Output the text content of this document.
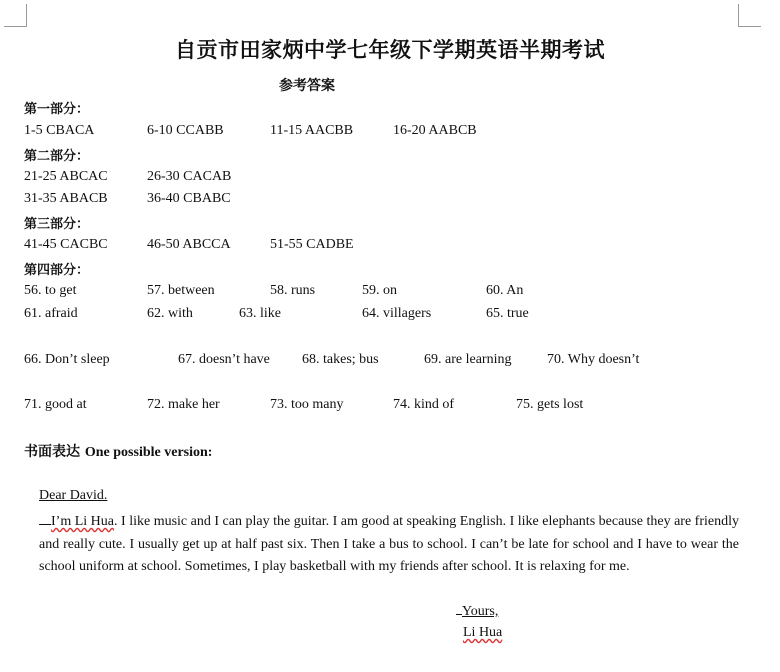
自贡市田家炳中学七年级下学期英语半期考试
参考答案
第一部分：
1-5 CBACA	6-10 CCABB	11-15 AACBB	16-20 AABCB
第二部分：
21-25 ABCAC	26-30 CACAB
31-35 ABACB	36-40 CBABC
第三部分：
41-45 CACBC	46-50 ABCCA	51-55 CADBE
第四部分：
56. to get	57. between	58. runs	59. on	60. An
61. afraid	62. with	63. like	64. villagers	65. true
66. Don’t sleep	67. doesn’t have 68. takes; bus	69. are learning	70. Why doesn’t
71. good at	72. make her	73. too many	74. kind of	75. gets lost
书面表达 One possible version:
Dear David.
I’m Li Hua. I like music and I can play the guitar. I am good at speaking English. I like elephants because they are friendly and really cute. I usually get up at half past six. Then I take a bus to school. I can’t be late for school and I have to wear the school uniform at school. Sometimes, I play basketball with my friends after school. It is relaxing for me.
Yours,
Li Hua
